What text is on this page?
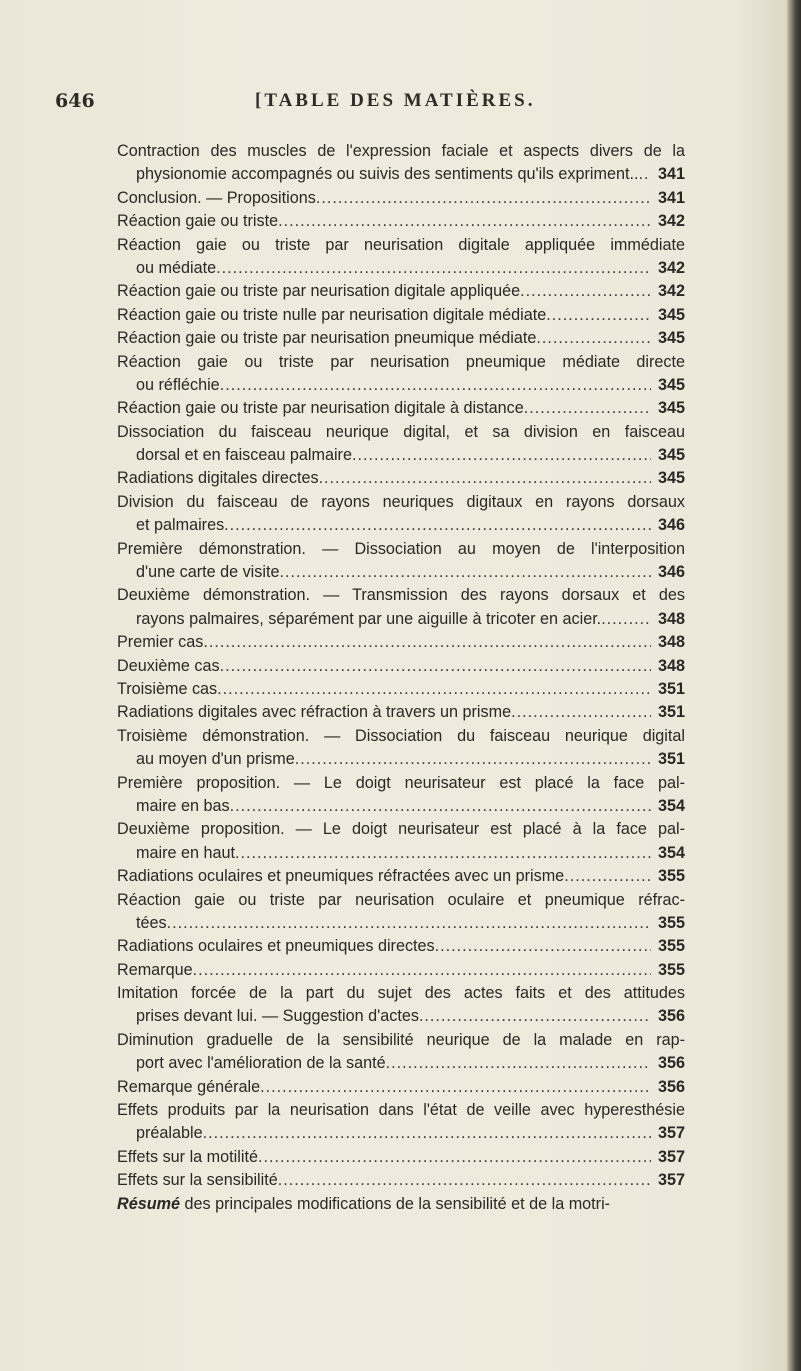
646	[TABLE DES MATIÈRES.
Contraction des muscles de l'expression faciale et aspects divers de la
physionomie accompagnés ou suivis des sentiments qu'ils expriment.. .....	341
Conclusion. — Propositions .....	341
Réaction gaie ou triste .....	342
Réaction gaie ou triste par neurisation digitale appliquée immédiate
ou médiate .....	342
Réaction gaie ou triste par neurisation digitale appliquée .....	342
Réaction gaie ou triste nulle par neurisation digitale médiate .....	345
Réaction gaie ou triste par neurisation pneumique médiate .....	345
Réaction gaie ou triste par neurisation pneumique médiate directe
ou réfléchie .....	345
Réaction gaie ou triste par neurisation digitale à distance .....	345
Dissociation du faisceau neurique digital, et sa division en faisceau
dorsal et en faisceau palmaire .....	345
Radiations digitales directes .....	345
Division du faisceau de rayons neuriques digitaux en rayons dorsaux
et palmaires .....	346
Première démonstration. — Dissociation au moyen de l'interposition
d'une carte de visite .....	346
Deuxième démonstration. — Transmission des rayons dorsaux et des
rayons palmaires, séparément par une aiguille à tricoter en acier. .....	348
Premier cas .....	348
Deuxième cas .....	348
Troisième cas .....	351
Radiations digitales avec réfraction à travers un prisme .....	351
Troisième démonstration. — Dissociation du faisceau neurique digital
au moyen d'un prisme .....	351
Première proposition. — Le doigt neurisateur est placé la face pal-
maire en bas .....	354
Deuxième proposition. — Le doigt neurisateur est placé à la face pal-
maire en haut .....	354
Radiations oculaires et pneumiques réfractées avec un prisme .....	355
Réaction gaie ou triste par neurisation oculaire et pneumique réfrac-
tées .....	355
Radiations oculaires et pneumiques directes .....	355
Remarque .....	355
Imitation forcée de la part du sujet des actes faits et des attitudes
prises devant lui. — Suggestion d'actes .....	356
Diminution graduelle de la sensibilité neurique de la malade en rap-
port avec l'amélioration de la santé .....	356
Remarque générale .....	356
Effets produits par la neurisation dans l'état de veille avec hyperesthésie
préalable .....	357
Effets sur la motilité .....	357
Effets sur la sensibilité .....	357
Résumé des principales modifications de la sensibilité et de la motri-
